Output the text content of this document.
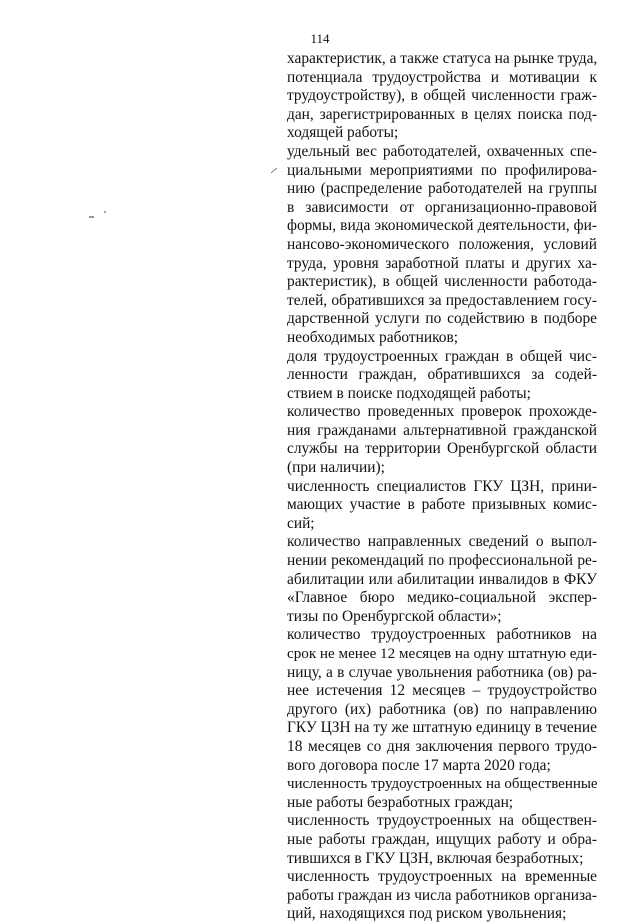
114
характеристик, а также статуса на рынке труда,
потенциала трудоустройства и мотивации к
трудоустройству), в общей численности граж-
дан, зарегистрированных в целях поиска под-
ходящей работы;
удельный вес работодателей, охваченных спе-
циальными мероприятиями по профилирова-
нию (распределение работодателей на группы
в зависимости от организационно-правовой
формы, вида экономической деятельности, фи-
нансово-экономического положения, условий
труда, уровня заработной платы и других ха-
рактеристик), в общей численности работода-
телей, обратившихся за предоставлением госу-
дарственной услуги по содействию в подборе
необходимых работников;
доля трудоустроенных граждан в общей чис-
ленности граждан, обратившихся за содей-
ствием в поиске подходящей работы;
количество проведенных проверок прохожде-
ния гражданами альтернативной гражданской
службы на территории Оренбургской области
(при наличии);
численность специалистов ГКУ ЦЗН, прини-
мающих участие в работе призывных комис-
сий;
количество направленных сведений о выпол-
нении рекомендаций по профессиональной ре-
абилитации или абилитации инвалидов в ФКУ
«Главное бюро медико-социальной экспер-
тизы по Оренбургской области»;
количество трудоустроенных работников на
срок не менее 12 месяцев на одну штатную еди-
ницу, а в случае увольнения работника (ов) ра-
нее истечения 12 месяцев – трудоустройство
другого (их) работника (ов) по направлению
ГКУ ЦЗН на ту же штатную единицу в течение
18 месяцев со дня заключения первого трудо-
вого договора после 17 марта 2020 года;
численность трудоустроенных на общественные
ные работы безработных граждан;
численность трудоустроенных на обществен-
ные работы граждан, ищущих работу и обра-
тившихся в ГКУ ЦЗН, включая безработных;
численность трудоустроенных на временные
работы граждан из числа работников организа-
ций, находящихся под риском увольнения;
